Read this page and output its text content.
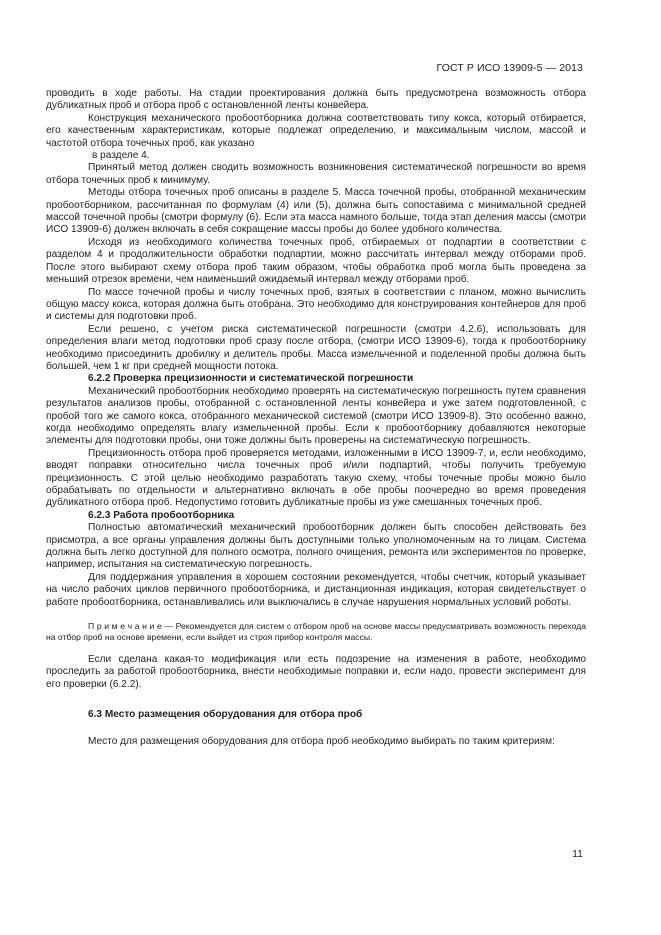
ГОСТ Р ИСО 13909-5 — 2013

проводить в ходе работы. На стадии проектирования должна быть предусмотрена возможность отбора дубликатных проб и отбора проб с остановленной ленты конвейера.

Конструкция механического пробоотборника должна соответствовать типу кокса, который отбирается, его качественным характеристикам, которые подлежат определению, и максимальным числом, массой и частотой отбора точечных проб, как указано

в разделе 4.

Принятый метод должен сводить возможность возникновения систематической погрешности во время отбора точечных проб к минимуму.

Методы отбора точечных проб описаны в разделе 5. Масса точечной пробы, отобранной механическим пробоотборником, рассчитанная по формулам (4) или (5), должна быть сопоставима с минимальной средней массой точечной пробы (смотри формулу (6). Если эта масса намного больше, тогда этап деления массы (смотри ИСО 13909-6) должен включать в себя сокращение массы пробы до более удобного количества.

Исходя из необходимого количества точечных проб, отбираемых от подпартии в соответствии с разделом 4 и продолжительности обработки подпартии, можно рассчитать интервал между отборами проб. После этого выбирают схему отбора проб таким образом, чтобы обработка проб могла быть проведена за меньший отрезок времени, чем наименьший ожидаемый интервал между отборами проб.

По массе точечной пробы и числу точечных проб, взятых в соответствии с планом, можно вычислить общую массу кокса, которая должна быть отобрана. Это необходимо для конструирования контейнеров для проб и системы для подготовки проб.

Если решено, с учетом риска систематической погрешности (смотри 4.2.6), использовать для определения влаги метод подготовки проб сразу после отбора, (смотри ИСО 13909-6), тогда к пробоотборнику необходимо присоединить дробилку и делитель пробы. Масса измельченной и поделенной пробы должна быть большей, чем 1 кг при средней мощности потока.

6.2.2 Проверка прецизионности и систематической погрешности

Механический пробоотборник необходимо проверять на систематическую погрешность путем сравнения результатов анализов пробы, отобранной с остановленной ленты конвейера и уже затем подготовленной, с пробой того же самого кокса, отобранного механической системой (смотри ИСО 13909-8). Это особенно важно, когда необходимо определять влагу измельченной пробы. Если к пробоотборнику добавляются некоторые элементы для подготовки пробы, они тоже должны быть проверены на систематическую погрешность.

Прецизионность отбора проб проверяется методами, изложенными в ИСО 13909-7, и, если необходимо, вводят поправки относительно числа точечных проб и/или подпартий, чтобы получить требуемую прецизионность. С этой целью необходимо разработать такую схему, чтобы точечные пробы можно было обрабатывать по отдельности и альтернативно включать в обе пробы поочередно во время проведения дубликатного отбора проб. Недопустимо готовить дубликатные пробы из уже смешанных точечных проб.

6.2.3 Работа пробоотборника

Полностью автоматический механический пробоотборник должен быть способен действовать без присмотра, а все органы управления должны быть доступными только уполномоченным на то лицам. Система должна быть легко доступной для полного осмотра, полного очищения, ремонта или экспериментов по проверке, например, испытания на систематическую погрешность.

Для поддержания управления в хорошем состоянии рекомендуется, чтобы счетчик, который указывает на число рабочих циклов первичного пробоотборника, и дистанционная индикация, которая свидетельствует о работе пробоотборника, останавливались или выключались в случае нарушения нормальных условий роботы.

П р и м е ч а н и е — Рекомендуется для систем с отбором проб на основе массы предусматривать возможность перехода на отбор проб на основе времени, если выйдет из строя прибор контроля массы.

Если сделана какая-то модификация или есть подозрение на изменения в работе, необходимо проследить за работой пробоотборника, внести необходимые поправки и, если надо, провести эксперимент для его проверки (6.2.2).

6.3 Место размещения оборудования для отбора проб

Место для размещения оборудования для отбора проб необходимо выбирать по таким критериям:

11
